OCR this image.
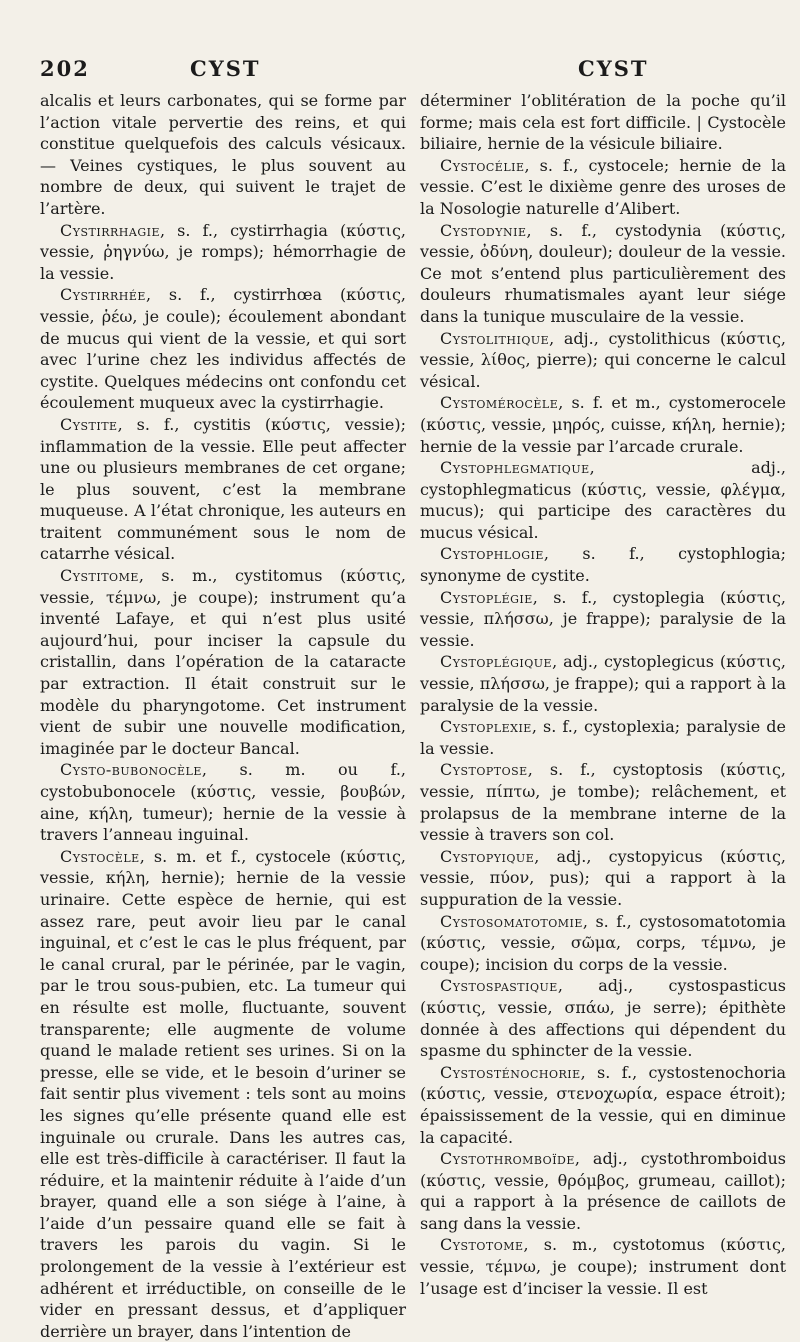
202	CYST	CYST

alcalis et leurs carbonates, qui se forme par l’action vitale pervertie des reins, et qui constitue quelquefois des calculs vésicaux. — Veines cystiques, le plus souvent au nombre de deux, qui suivent le trajet de l’artère.

Cystirrhagie, s. f., cystirrhagia (κύστις, vessie, ῥηγνύω, je romps); hémorrhagie de la vessie.

Cystirrhée, s. f., cystirrhœa (κύστις, vessie, ῥέω, je coule); écoulement abondant de mucus qui vient de la vessie, et qui sort avec l’urine chez les individus affectés de cystite. Quelques médecins ont confondu cet écoulement muqueux avec la cystirrhagie.

Cystite, s. f., cystitis (κύστις, vessie); inflammation de la vessie. Elle peut affecter une ou plusieurs membranes de cet organe; le plus souvent, c’est la membrane muqueuse. A l’état chronique, les auteurs en traitent communément sous le nom de catarrhe vésical.

Cystitome, s. m., cystitomus (κύστις, vessie, τέμνω, je coupe); instrument qu’a inventé Lafaye, et qui n’est plus usité aujourd’hui, pour inciser la capsule du cristallin, dans l’opération de la cataracte par extraction. Il était construit sur le modèle du pharyngotome. Cet instrument vient de subir une nouvelle modification, imaginée par le docteur Bancal.

Cysto-bubonocèle, s. m. ou f., cystobubonocele (κύστις, vessie, βουβών, aine, κήλη, tumeur); hernie de la vessie à travers l’anneau inguinal.

Cystocèle, s. m. et f., cystocele (κύστις, vessie, κήλη, hernie); hernie de la vessie urinaire. Cette espèce de hernie, qui est assez rare, peut avoir lieu par le canal inguinal, et c’est le cas le plus fréquent, par le canal crural, par le périnée, par le vagin, par le trou sous-pubien, etc. La tumeur qui en résulte est molle, fluctuante, souvent transparente; elle augmente de volume quand le malade retient ses urines. Si on la presse, elle se vide, et le besoin d’uriner se fait sentir plus vivement : tels sont au moins les signes qu’elle présente quand elle est inguinale ou crurale. Dans les autres cas, elle est très-difficile à caractériser. Il faut la réduire, et la maintenir réduite à l’aide d’un brayer, quand elle a son siége à l’aine, à l’aide d’un pessaire quand elle se fait à travers les parois du vagin. Si le prolongement de la vessie à l’extérieur est adhérent et irréductible, on conseille de le vider en pressant dessus, et d’appliquer derrière un brayer, dans l’intention de

déterminer l’oblitération de la poche qu’il forme; mais cela est fort difficile. | Cystocèle biliaire, hernie de la vésicule biliaire.

Cystocélie, s. f., cystocele; hernie de la vessie. C’est le dixième genre des uroses de la Nosologie naturelle d’Alibert.

Cystodynie, s. f., cystodynia (κύστις, vessie, ὀδύνη, douleur); douleur de la vessie. Ce mot s’entend plus particulièrement des douleurs rhumatismales ayant leur siége dans la tunique musculaire de la vessie.

Cystolithique, adj., cystolithicus (κύστις, vessie, λίθος, pierre); qui concerne le calcul vésical.

Cystomérocèle, s. f. et m., cystomerocele (κύστις, vessie, μηρός, cuisse, κήλη, hernie); hernie de la vessie par l’arcade crurale.

Cystophlegmatique, adj., cystophlegmaticus (κύστις, vessie, φλέγμα, mucus); qui participe des caractères du mucus vésical.

Cystophlogie, s. f., cystophlogia; synonyme de cystite.

Cystoplégie, s. f., cystoplegia (κύστις, vessie, πλήσσω, je frappe); paralysie de la vessie.

Cystoplégique, adj., cystoplegicus (κύστις, vessie, πλήσσω, je frappe); qui a rapport à la paralysie de la vessie.

Cystoplexie, s. f., cystoplexia; paralysie de la vessie.

Cystoptose, s. f., cystoptosis (κύστις, vessie, πίπτω, je tombe); relâchement, et prolapsus de la membrane interne de la vessie à travers son col.

Cystopyique, adj., cystopyicus (κύστις, vessie, πύον, pus); qui a rapport à la suppuration de la vessie.

Cystosomatotomie, s. f., cystosomatotomia (κύστις, vessie, σῶμα, corps, τέμνω, je coupe); incision du corps de la vessie.

Cystospastique, adj., cystospasticus (κύστις, vessie, σπάω, je serre); épithète donnée à des affections qui dépendent du spasme du sphincter de la vessie.

Cystosténochorie, s. f., cystostenochoria (κύστις, vessie, στενοχωρία, espace étroit); épaississement de la vessie, qui en diminue la capacité.

Cystothromboïde, adj., cystothromboidus (κύστις, vessie, θρόμβος, grumeau, caillot); qui a rapport à la présence de caillots de sang dans la vessie.

Cystotome, s. m., cystotomus (κύστις, vessie, τέμνω, je coupe); instrument dont l’usage est d’inciser la vessie. Il est
